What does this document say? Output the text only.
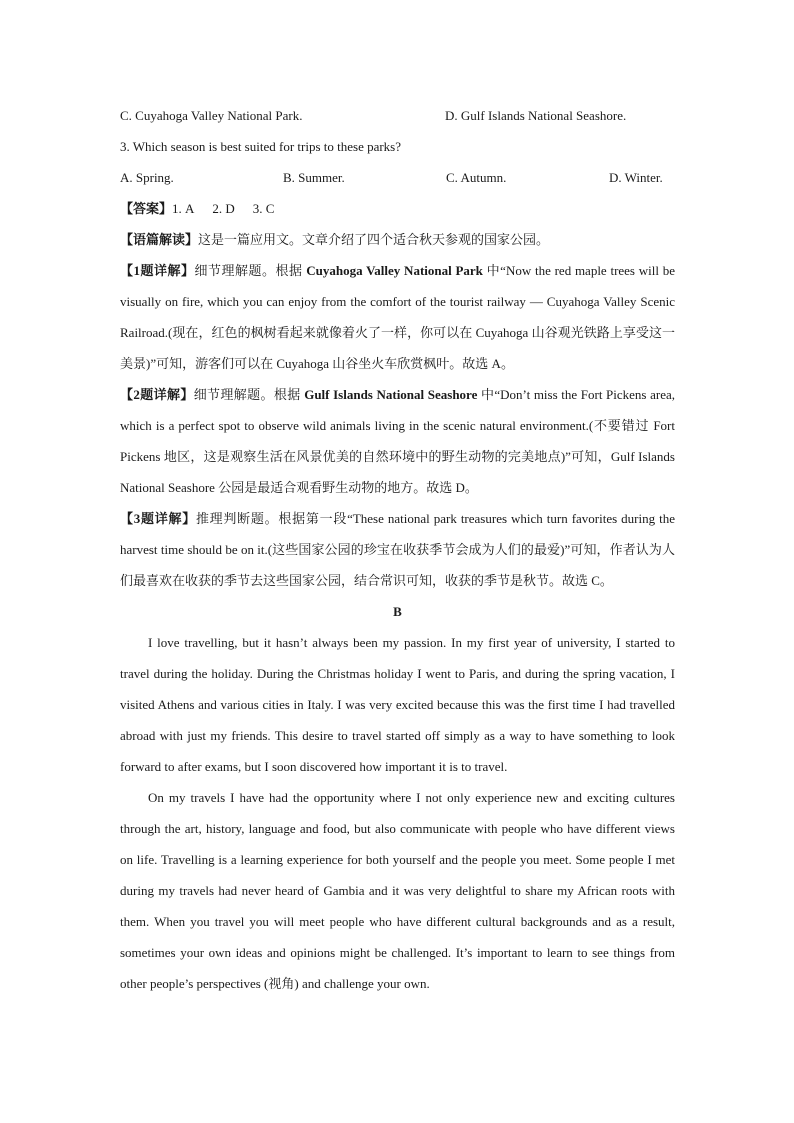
C. Cuyahoga Valley National Park.	D. Gulf Islands National Seashore.
3. Which season is best suited for trips to these parks?
A. Spring.	B. Summer.	C. Autumn.	D. Winter.
【答案】1. A 2. D 3. C
【语篇解读】这是一篇应用文。文章介绍了四个适合秋天参观的国家公园。
【1题详解】细节理解题。根据 Cuyahoga Valley National Park 中“Now the red maple trees will be visually on fire, which you can enjoy from the comfort of the tourist railway — Cuyahoga Valley Scenic Railroad.(现在，红色的枫树看起来就像着火了一样，你可以在 Cuyahoga 山谷观光铁路上享受这一美景)”可知，游客们可以在 Cuyahoga 山谷坐火车欣赏枫叶。故选 A。
【2题详解】细节理解题。根据 Gulf Islands National Seashore 中“Don’t miss the Fort Pickens area, which is a perfect spot to observe wild animals living in the scenic natural environment.(不要错过 Fort Pickens 地区，这是观察生活在风景优美的自然环境中的野生动物的完美地点)”可知，Gulf Islands National Seashore 公园是最适合观看野生动物的地方。故选 D。
【3题详解】推理判断题。根据第一段“These national park treasures which turn favorites during the harvest time should be on it.(这些国家公园的珍宝在收获季节会成为人们的最爱)”可知，作者认为人们最喜欢在收获的季节去这些国家公园，结合常识可知，收获的季节是秋节。故选 C。
B
I love travelling, but it hasn’t always been my passion. In my first year of university, I started to travel during the holiday. During the Christmas holiday I went to Paris, and during the spring vacation, I visited Athens and various cities in Italy. I was very excited because this was the first time I had travelled abroad with just my friends. This desire to travel started off simply as a way to have something to look forward to after exams, but I soon discovered how important it is to travel.
On my travels I have had the opportunity where I not only experience new and exciting cultures through the art, history, language and food, but also communicate with people who have different views on life. Travelling is a learning experience for both yourself and the people you meet. Some people I met during my travels had never heard of Gambia and it was very delightful to share my African roots with them. When you travel you will meet people who have different cultural backgrounds and as a result, sometimes your own ideas and opinions might be challenged. It’s important to learn to see things from other people’s perspectives (视角) and challenge your own.
